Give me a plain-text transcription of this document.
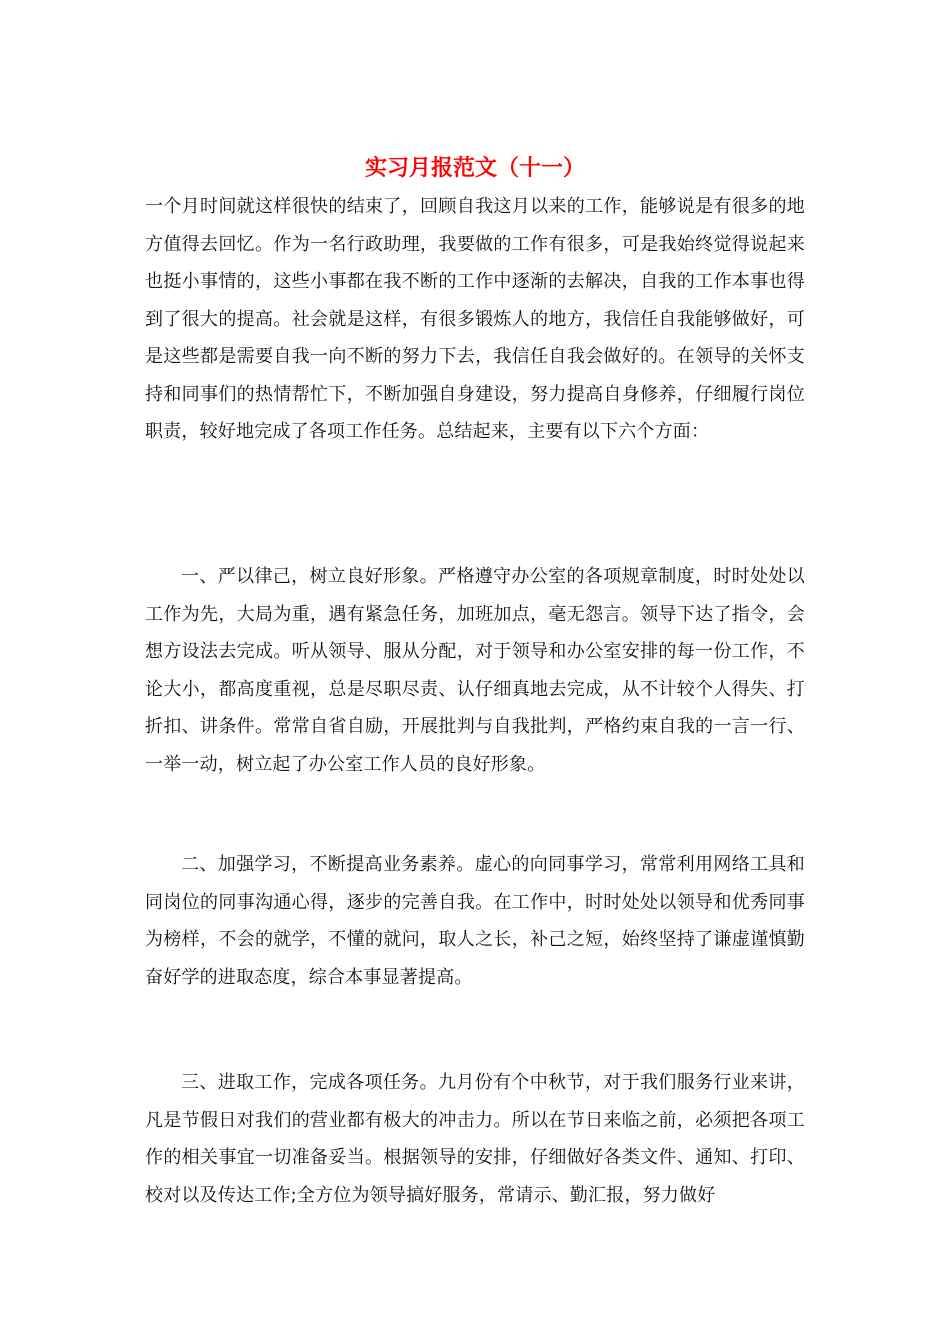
实习月报范文（十一）

一个月时间就这样很快的结束了，回顾自我这月以来的工作，能够说是有很多的地方值得去回忆。作为一名行政助理，我要做的工作有很多，可是我始终觉得说起来也挺小事情的，这些小事都在我不断的工作中逐渐的去解决，自我的工作本事也得到了很大的提高。社会就是这样，有很多锻炼人的地方，我信任自我能够做好，可是这些都是需要自我一向不断的努力下去，我信任自我会做好的。在领导的关怀支持和同事们的热情帮忙下，不断加强自身建设，努力提高自身修养，仔细履行岗位职责，较好地完成了各项工作任务。总结起来，主要有以下六个方面：

一、严以律己，树立良好形象。严格遵守办公室的各项规章制度，时时处处以工作为先，大局为重，遇有紧急任务，加班加点，毫无怨言。领导下达了指令，会想方设法去完成。听从领导、服从分配，对于领导和办公室安排的每一份工作，不论大小，都高度重视，总是尽职尽责、认仔细真地去完成，从不计较个人得失、打折扣、讲条件。常常自省自励，开展批判与自我批判，严格约束自我的一言一行、一举一动，树立起了办公室工作人员的良好形象。

二、加强学习，不断提高业务素养。虚心的向同事学习，常常利用网络工具和同岗位的同事沟通心得，逐步的完善自我。在工作中，时时处处以领导和优秀同事为榜样，不会的就学，不懂的就问，取人之长，补己之短，始终坚持了谦虚谨慎勤奋好学的进取态度，综合本事显著提高。

三、进取工作，完成各项任务。九月份有个中秋节，对于我们服务行业来讲，凡是节假日对我们的营业都有极大的冲击力。所以在节日来临之前，必须把各项工作的相关事宜一切准备妥当。根据领导的安排，仔细做好各类文件、通知、打印、校对以及传达工作;全方位为领导搞好服务，常请示、勤汇报，努力做好
